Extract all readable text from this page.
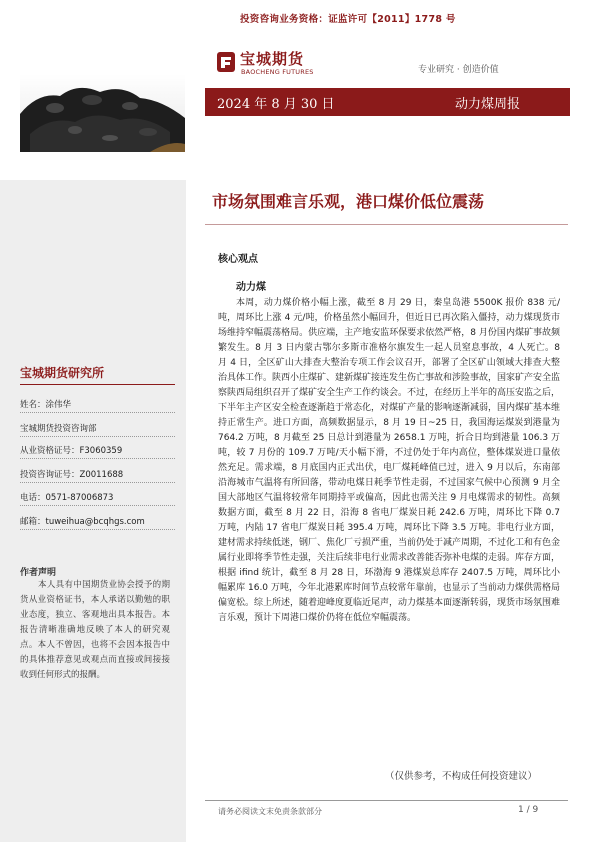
投资咨询业务资格：证监许可【2011】1778 号
宝城期货
BAOCHENG FUTURES	专业研究 · 创造价值
2024 年 8 月 30 日	动力煤周报
宝城期货研究所
姓名：涂伟华
宝城期货投资咨询部
从业资格证号：F3060359
投资咨询证号：Z0011688
电话：0571-87006873
邮箱：tuweihua@bcqhgs.com
作者声明

本人具有中国期货业协会授予的期货从业资格证书，本人承诺以勤勉的职业态度，独立、客观地出具本报告。本报告清晰准确地反映了本人的研究观点。本人不曾因，也将不会因本报告中的具体推荐意见或观点而直接或间接接收到任何形式的报酬。

市场氛围难言乐观，港口煤价低位震荡
核心观点
动力煤

本周，动力煤价格小幅上涨，截至 8 月 29 日，秦皇岛港 5500K 报价 838 元/吨，周环比上涨 4 元/吨，价格虽然小幅回升，但近日已再次陷入僵持，动力煤现货市场维持窄幅震荡格局。供应端，主产地安监环保要求依然严格，8 月份国内煤矿事故频繁发生。8 月 3 日内蒙古鄂尔多斯市准格尔旗发生一起人员窒息事故，4 人死亡。8 月 4 日，全区矿山大排查大整治专项工作会议召开，部署了全区矿山领域大排查大整治具体工作。陕西小庄煤矿、建新煤矿接连发生伤亡事故和涉险事故，国家矿产安全监察陕西局组织召开了煤矿安全生产工作约谈会。不过，在经历上半年的高压安监之后，下半年主产区安全检查逐渐趋于常态化，对煤矿产量的影响逐渐减弱，国内煤矿基本维持正常生产。进口方面，高频数据显示，8 月 19 日~25 日，我国海运煤炭到港量为 764.2 万吨，8 月截至 25 日总计到港量为 2658.1 万吨，折合日均到港量 106.3 万吨，较 7 月份的 109.7 万吨/天小幅下滑，不过仍处于年内高位，整体煤炭进口量依然充足。需求端，8 月底国内正式出伏，电厂煤耗峰值已过，进入 9 月以后，东南部沿海城市气温将有所回落，带动电煤日耗季节性走弱，不过国家气候中心预测 9 月全国大部地区气温将较常年同期持平或偏高，因此也需关注 9 月电煤需求的韧性。高频数据方面，截至 8 月 22 日，沿海 8 省电厂煤炭日耗 242.6 万吨，周环比下降 0.7 万吨，内陆 17 省电厂煤炭日耗 395.4 万吨，周环比下降 3.5 万吨。非电行业方面，建材需求持续低迷，钢厂、焦化厂亏损严重，当前仍处于减产周期，不过化工和有色金属行业即将季节性走强，关注后续非电行业需求改善能否弥补电煤的走弱。库存方面，根据 ifind 统计，截至 8 月 28 日，环渤海 9 港煤炭总库存 2407.5 万吨，周环比小幅累库 16.0 万吨，今年北港累库时间节点较常年靠前，也显示了当前动力煤供需格局偏宽松。综上所述，随着迎峰度夏临近尾声，动力煤基本面逐渐转弱，现货市场氛围难言乐观，预计下周港口煤价仍将在低位窄幅震荡。

（仅供参考，不构成任何投资建议）
请务必阅读文末免责条款部分	1 / 9
